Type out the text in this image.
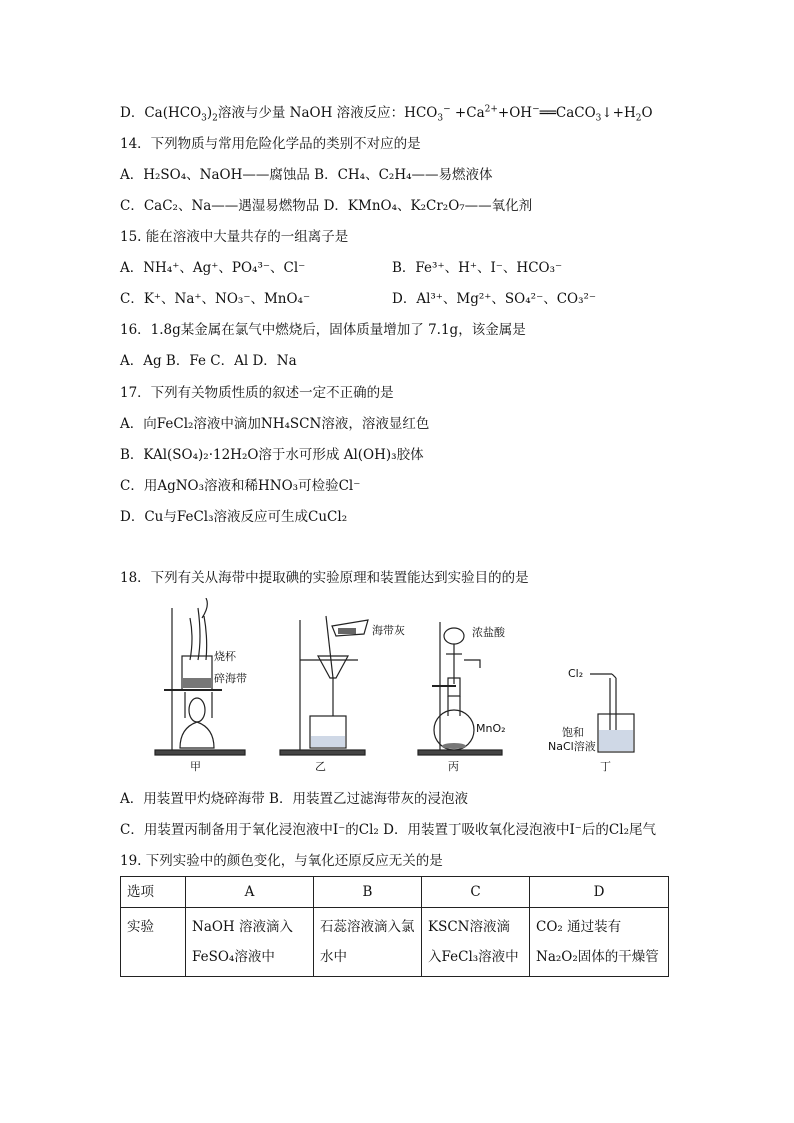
D．$Ca(HCO_3)_2$溶液与少量 NaOH 溶液反应：$HCO_3^-$ $+Ca^{2+}+OH^-══CaCO_3↓+H_2O$
14．下列物质与常用危险化学品的类别不对应的是
A．H₂SO₄、NaOH——腐蚀品 B．CH₄、C₂H₄——易燃液体
C．CaC₂、Na——遇湿易燃物品 D．KMnO₄、K₂Cr₂O₇——氧化剂
15. 能在溶液中大量共存的一组离子是
A．NH₄⁺、Ag⁺、PO₄³⁻、Cl⁻	B．Fe³⁺、H⁺、I⁻、HCO₃⁻
C．K⁺、Na⁺、NO₃⁻、MnO₄⁻	D．Al³⁺、Mg²⁺、SO₄²⁻、CO₃²⁻
16．1.8g某金属在氯气中燃烧后，固体质量增加了 7.1g，该金属是
A．Ag B．Fe C．Al D．Na
17．下列有关物质性质的叙述一定不正确的是
A．向FeCl₂溶液中滴加NH₄SCN溶液，溶液显红色
B．KAl(SO₄)₂·12H₂O溶于水可形成 Al(OH)₃胶体
C．用AgNO₃溶液和稀HNO₃可检验Cl⁻
D．Cu与FeCl₃溶液反应可生成CuCl₂
18．下列有关从海带中提取碘的实验原理和装置能达到实验目的的是
烧杯
碎海带
甲
海带灰
乙
浓盐酸
MnO₂
丙
Cl₂
饱和
NaCl溶液
丁
A．用装置甲灼烧碎海带 B．用装置乙过滤海带灰的浸泡液
C．用装置丙制备用于氧化浸泡液中I⁻的Cl₂ D．用装置丁吸收氧化浸泡液中I⁻后的Cl₂尾气
19. 下列实验中的颜色变化，与氧化还原反应无关的是
选项	A	B	C	D
实验	NaOH 溶液滴入FeSO₄溶液中	石蕊溶液滴入氯水中	KSCN溶液滴入FeCl₃溶液中	CO₂ 通过装有Na₂O₂固体的干燥管
